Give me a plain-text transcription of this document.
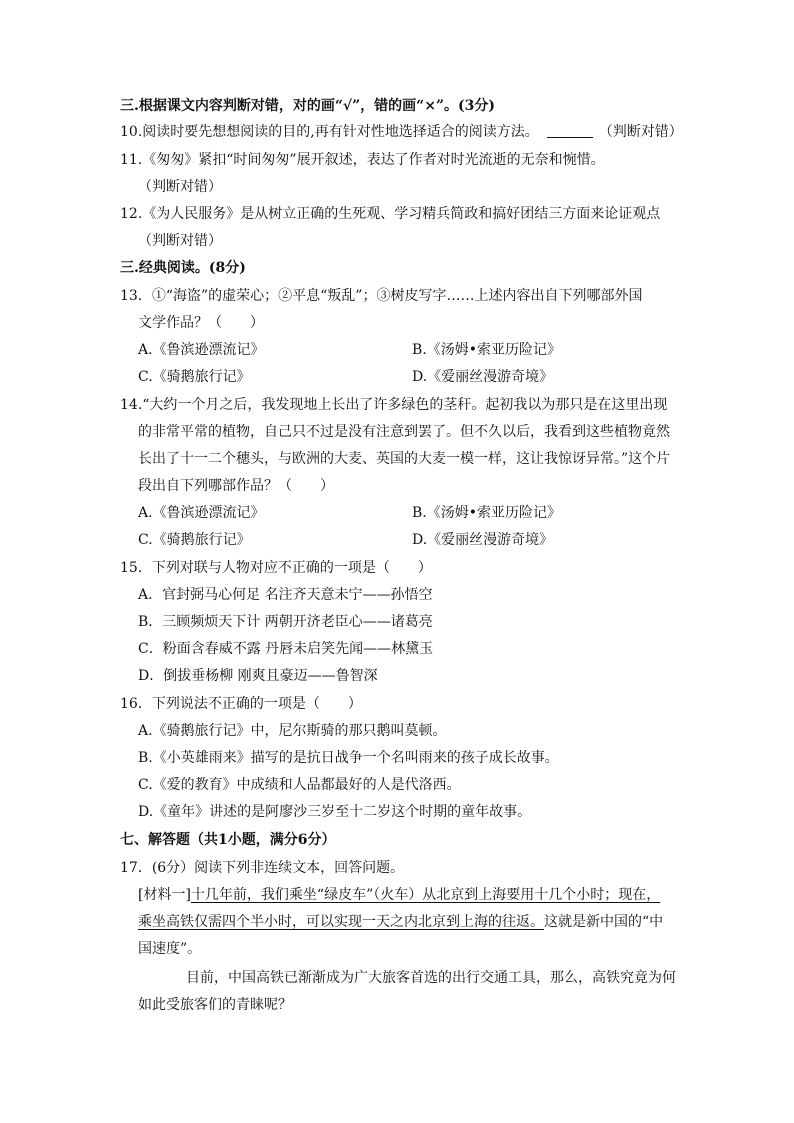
三.根据课文内容判断对错，对的画“√”，错的画“×”。(3分)
10.阅读时要先想想阅读的目的,再有针对性地选择适合的阅读方法。	（判断对错）
11.《匆匆》紧扣“时间匆匆”展开叙述，表达了作者对时光流逝的无奈和惋惜。
（判断对错）
12.《为人民服务》是从树立正确的生死观、学习精兵简政和搞好团结三方面来论证观点
（判断对错）
三.经典阅读。(8分)
13．①“海盗”的虚荣心；②平息“叛乱”；③树皮写字……上述内容出自下列哪部外国
文学作品？（　　）
A.《鲁滨逊漂流记》	B.《汤姆•索亚历险记》
C.《骑鹅旅行记》	D.《爱丽丝漫游奇境》
14.“大约一个月之后，我发现地上长出了许多绿色的茎秆。起初我以为那只是在这里出现
的非常平常的植物，自己只不过是没有注意到罢了。但不久以后，我看到这些植物竟然
长出了十一二个穗头，与欧洲的大麦、英国的大麦一模一样，这让我惊讶异常。”这个片
段出自下列哪部作品？（　　）
A.《鲁滨逊漂流记》	B.《汤姆•索亚历险记》
C.《骑鹅旅行记》	D.《爱丽丝漫游奇境》
15．下列对联与人物对应不正确的一项是（　　）
A．官封弼马心何足 名注齐天意未宁——孙悟空
B．三顾频烦天下计 两朝开济老臣心——诸葛亮
C．粉面含春威不露 丹唇未启笑先闻——林黛玉
D．倒拔垂杨柳 刚爽且豪迈——鲁智深
16．下列说法不正确的一项是（　　）
A.《骑鹅旅行记》中，尼尔斯骑的那只鹅叫莫顿。
B.《小英雄雨来》描写的是抗日战争一个名叫雨来的孩子成长故事。
C.《爱的教育》中成绩和人品都最好的人是代洛西。
D.《童年》讲述的是阿廖沙三岁至十二岁这个时期的童年故事。
七、解答题（共1小题，满分6分）
17．(6分）阅读下列非连续文本，回答问题。
[材料一]十几年前，我们乘坐“绿皮车”（火车）从北京到上海要用十几个小时；现在，
乘坐高铁仅需四个半小时，可以实现一天之内北京到上海的往返。这就是新中国的“中
国速度”。
目前，中国高铁已渐渐成为广大旅客首选的出行交通工具，那么，高铁究竟为何
如此受旅客们的青睐呢？
